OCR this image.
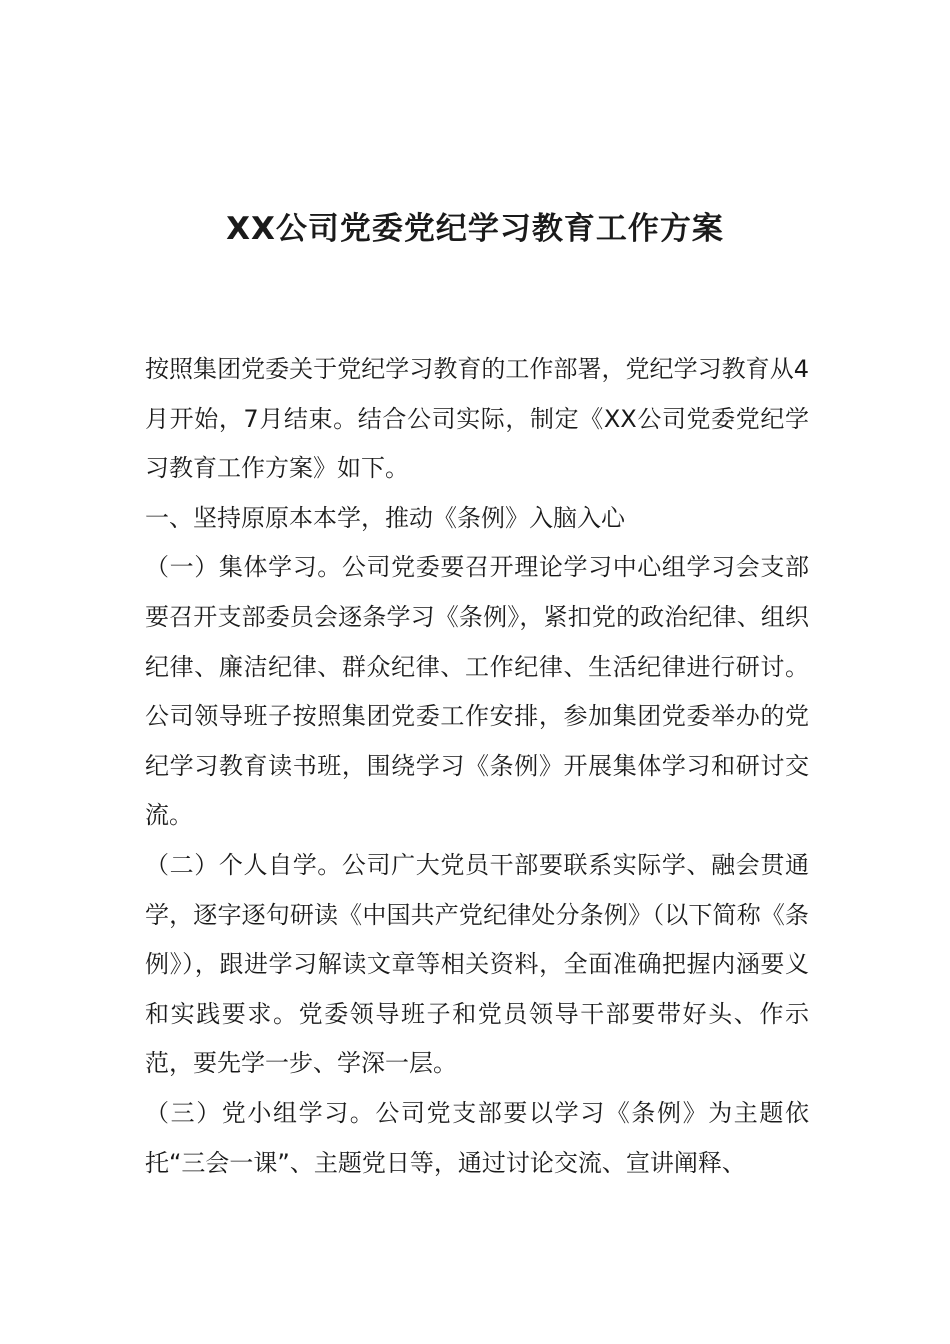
XX公司党委党纪学习教育工作方案

按照集团党委关于党纪学习教育的工作部署，党纪学习教育从4月开始，7月结束。结合公司实际，制定《XX公司党委党纪学习教育工作方案》如下。

一、坚持原原本本学，推动《条例》入脑入心

（一）集体学习。公司党委要召开理论学习中心组学习会支部要召开支部委员会逐条学习《条例》，紧扣党的政治纪律、组织纪律、廉洁纪律、群众纪律、工作纪律、生活纪律进行研讨。公司领导班子按照集团党委工作安排，参加集团党委举办的党纪学习教育读书班，围绕学习《条例》开展集体学习和研讨交流。

（二）个人自学。公司广大党员干部要联系实际学、融会贯通学，逐字逐句研读《中国共产党纪律处分条例》（以下简称《条例》），跟进学习解读文章等相关资料，全面准确把握内涵要义和实践要求。党委领导班子和党员领导干部要带好头、作示范，要先学一步、学深一层。

（三）党小组学习。公司党支部要以学习《条例》为主题依托“三会一课”、主题党日等，通过讨论交流、宣讲阐释、
